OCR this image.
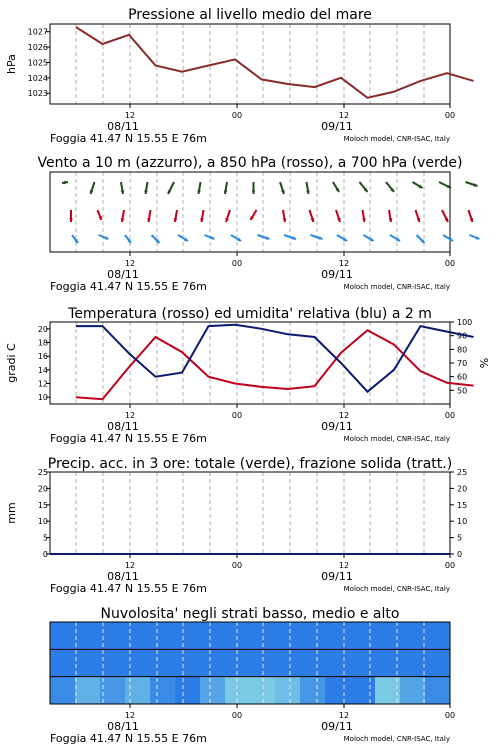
Pressione al livello medio del mare
1023
1024
1025
1026
1027
hPa
12	00	12	00
08/11	09/11
Foggia 41.47 N 15.55 E 76m	Moloch model, CNR-ISAC, Italy
Vento a 10 m (azzurro), a 850 hPa (rosso), a 700 hPa (verde)
12	00	12	00
08/11	09/11
Foggia 41.47 N 15.55 E 76m	Moloch model, CNR-ISAC, Italy
Temperatura (rosso) ed umidita' relativa (blu) a 2 m
10
12
14
16
18
20
50
60
70
80
90
100
gradi C	%
12	00	12	00
08/11	09/11
Foggia 41.47 N 15.55 E 76m	Moloch model, CNR-ISAC, Italy
Precip. acc. in 3 ore: totale (verde), frazione solida (tratt.)
0
5
10
15
20
25
0
5
10
15
20
25
mm
12	00	12	00
08/11	09/11
Foggia 41.47 N 15.55 E 76m	Moloch model, CNR-ISAC, Italy
Nuvolosita' negli strati basso, medio e alto
12	00	12	00
08/11	09/11
Foggia 41.47 N 15.55 E 76m	Moloch model, CNR-ISAC, Italy
